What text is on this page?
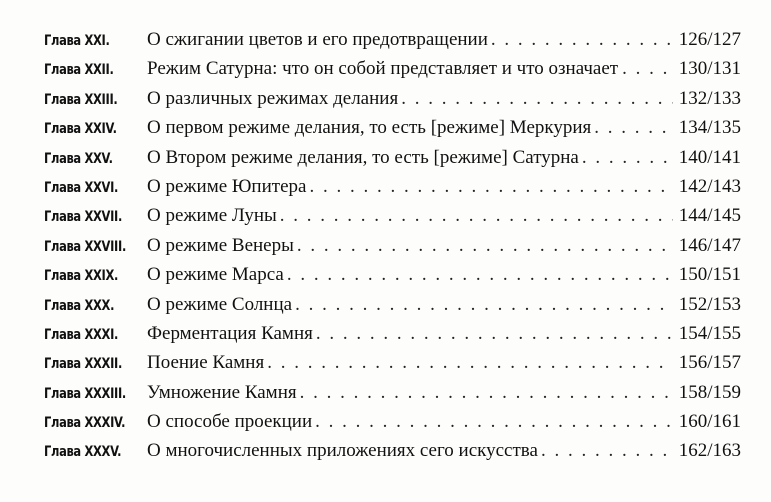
Глава XXI. О сжигании цветов и его предотвращении . . .	126/127
Глава XXII. Режим Сатурна: что он собой представляет и что означает . . .	130/131
Глава XXIII. О различных режимах делания . . .	132/133
Глава XXIV. О первом режиме делания, то есть [режиме] Меркурия . . .	134/135
Глава XXV. О Втором режиме делания, то есть [режиме] Сатурна . . .	140/141
Глава XXVI. О режиме Юпитера . . .	142/143
Глава XXVII. О режиме Луны . . .	144/145
Глава XXVIII. О режиме Венеры . . .	146/147
Глава XXIX. О режиме Марса . . .	150/151
Глава XXX. О режиме Солнца . . .	152/153
Глава XXXI. Ферментация Камня . . .	154/155
Глава XXXII. Поение Камня . . .	156/157
Глава XXXIII. Умножение Камня . . .	158/159
Глава XXXIV. О способе проекции . . .	160/161
Глава XXXV. О многочисленных приложениях сего искусства . . .	162/163
